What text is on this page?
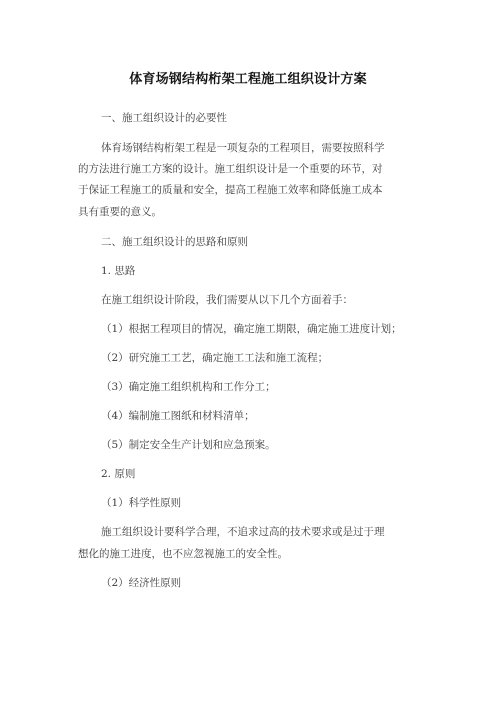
体育场钢结构桁架工程施工组织设计方案
一、施工组织设计的必要性
体育场钢结构桁架工程是一项复杂的工程项目，需要按照科学
的方法进行施工方案的设计。施工组织设计是一个重要的环节，对
于保证工程施工的质量和安全，提高工程施工效率和降低施工成本
具有重要的意义。
二、施工组织设计的思路和原则
1. 思路
在施工组织设计阶段，我们需要从以下几个方面着手：
（1）根据工程项目的情况，确定施工期限，确定施工进度计划；
（2）研究施工工艺，确定施工工法和施工流程；
（3）确定施工组织机构和工作分工；
（4）编制施工图纸和材料清单；
（5）制定安全生产计划和应急预案。
2. 原则
（1）科学性原则
施工组织设计要科学合理，不追求过高的技术要求或是过于理
想化的施工进度，也不应忽视施工的安全性。
（2）经济性原则
